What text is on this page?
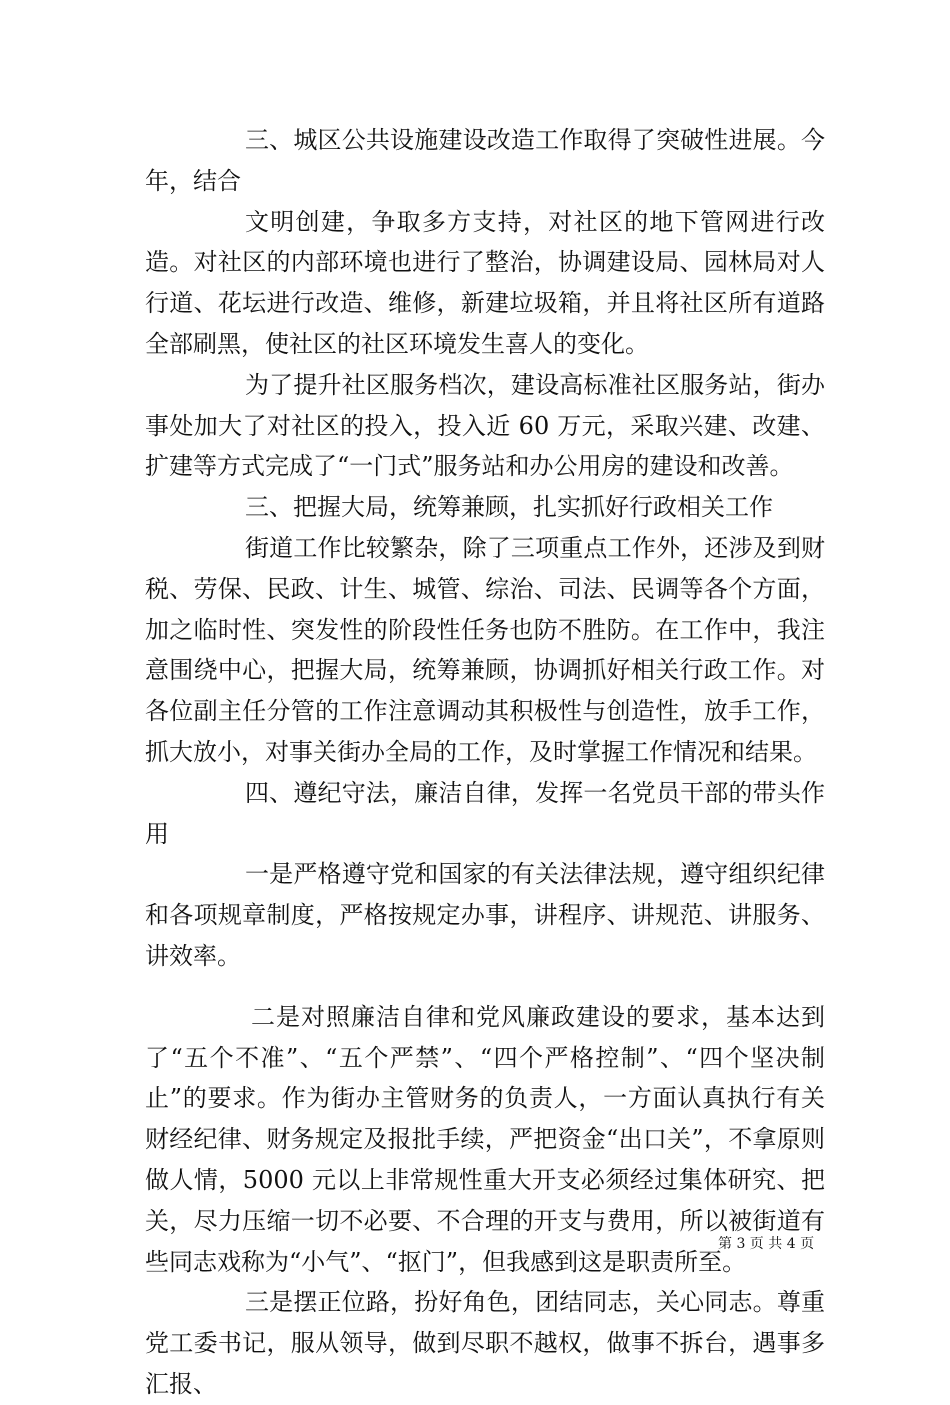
三、城区公共设施建设改造工作取得了突破性进展。今年，结合

文明创建，争取多方支持，对社区的地下管网进行改造。对社区的内部环境也进行了整治，协调建设局、园林局对人行道、花坛进行改造、维修，新建垃圾箱，并且将社区所有道路全部刷黑，使社区的社区环境发生喜人的变化。

为了提升社区服务档次，建设高标准社区服务站，街办事处加大了对社区的投入，投入近 60 万元，采取兴建、改建、扩建等方式完成了“一门式”服务站和办公用房的建设和改善。

三、把握大局，统筹兼顾，扎实抓好行政相关工作

街道工作比较繁杂，除了三项重点工作外，还涉及到财税、劳保、民政、计生、城管、综治、司法、民调等各个方面，加之临时性、突发性的阶段性任务也防不胜防。在工作中，我注意围绕中心，把握大局，统筹兼顾，协调抓好相关行政工作。对各位副主任分管的工作注意调动其积极性与创造性，放手工作，抓大放小，对事关街办全局的工作，及时掌握工作情况和结果。

四、遵纪守法，廉洁自律，发挥一名党员干部的带头作用

一是严格遵守党和国家的有关法律法规，遵守组织纪律和各项规章制度，严格按规定办事，讲程序、讲规范、讲服务、讲效率。

二是对照廉洁自律和党风廉政建设的要求，基本达到了“五个不准”、“五个严禁”、“四个严格控制”、“四个坚决制止”的要求。作为街办主管财务的负责人，一方面认真执行有关财经纪律、财务规定及报批手续，严把资金“出口关”，不拿原则做人情，5000 元以上非常规性重大开支必须经过集体研究、把关，尽力压缩一切不必要、不合理的开支与费用，所以被街道有些同志戏称为“小气”、“抠门”，但我感到这是职责所至。

三是摆正位路，扮好角色，团结同志，关心同志。尊重党工委书记，服从领导，做到尽职不越权，做事不拆台，遇事多汇报、

第 3 页 共 4 页
